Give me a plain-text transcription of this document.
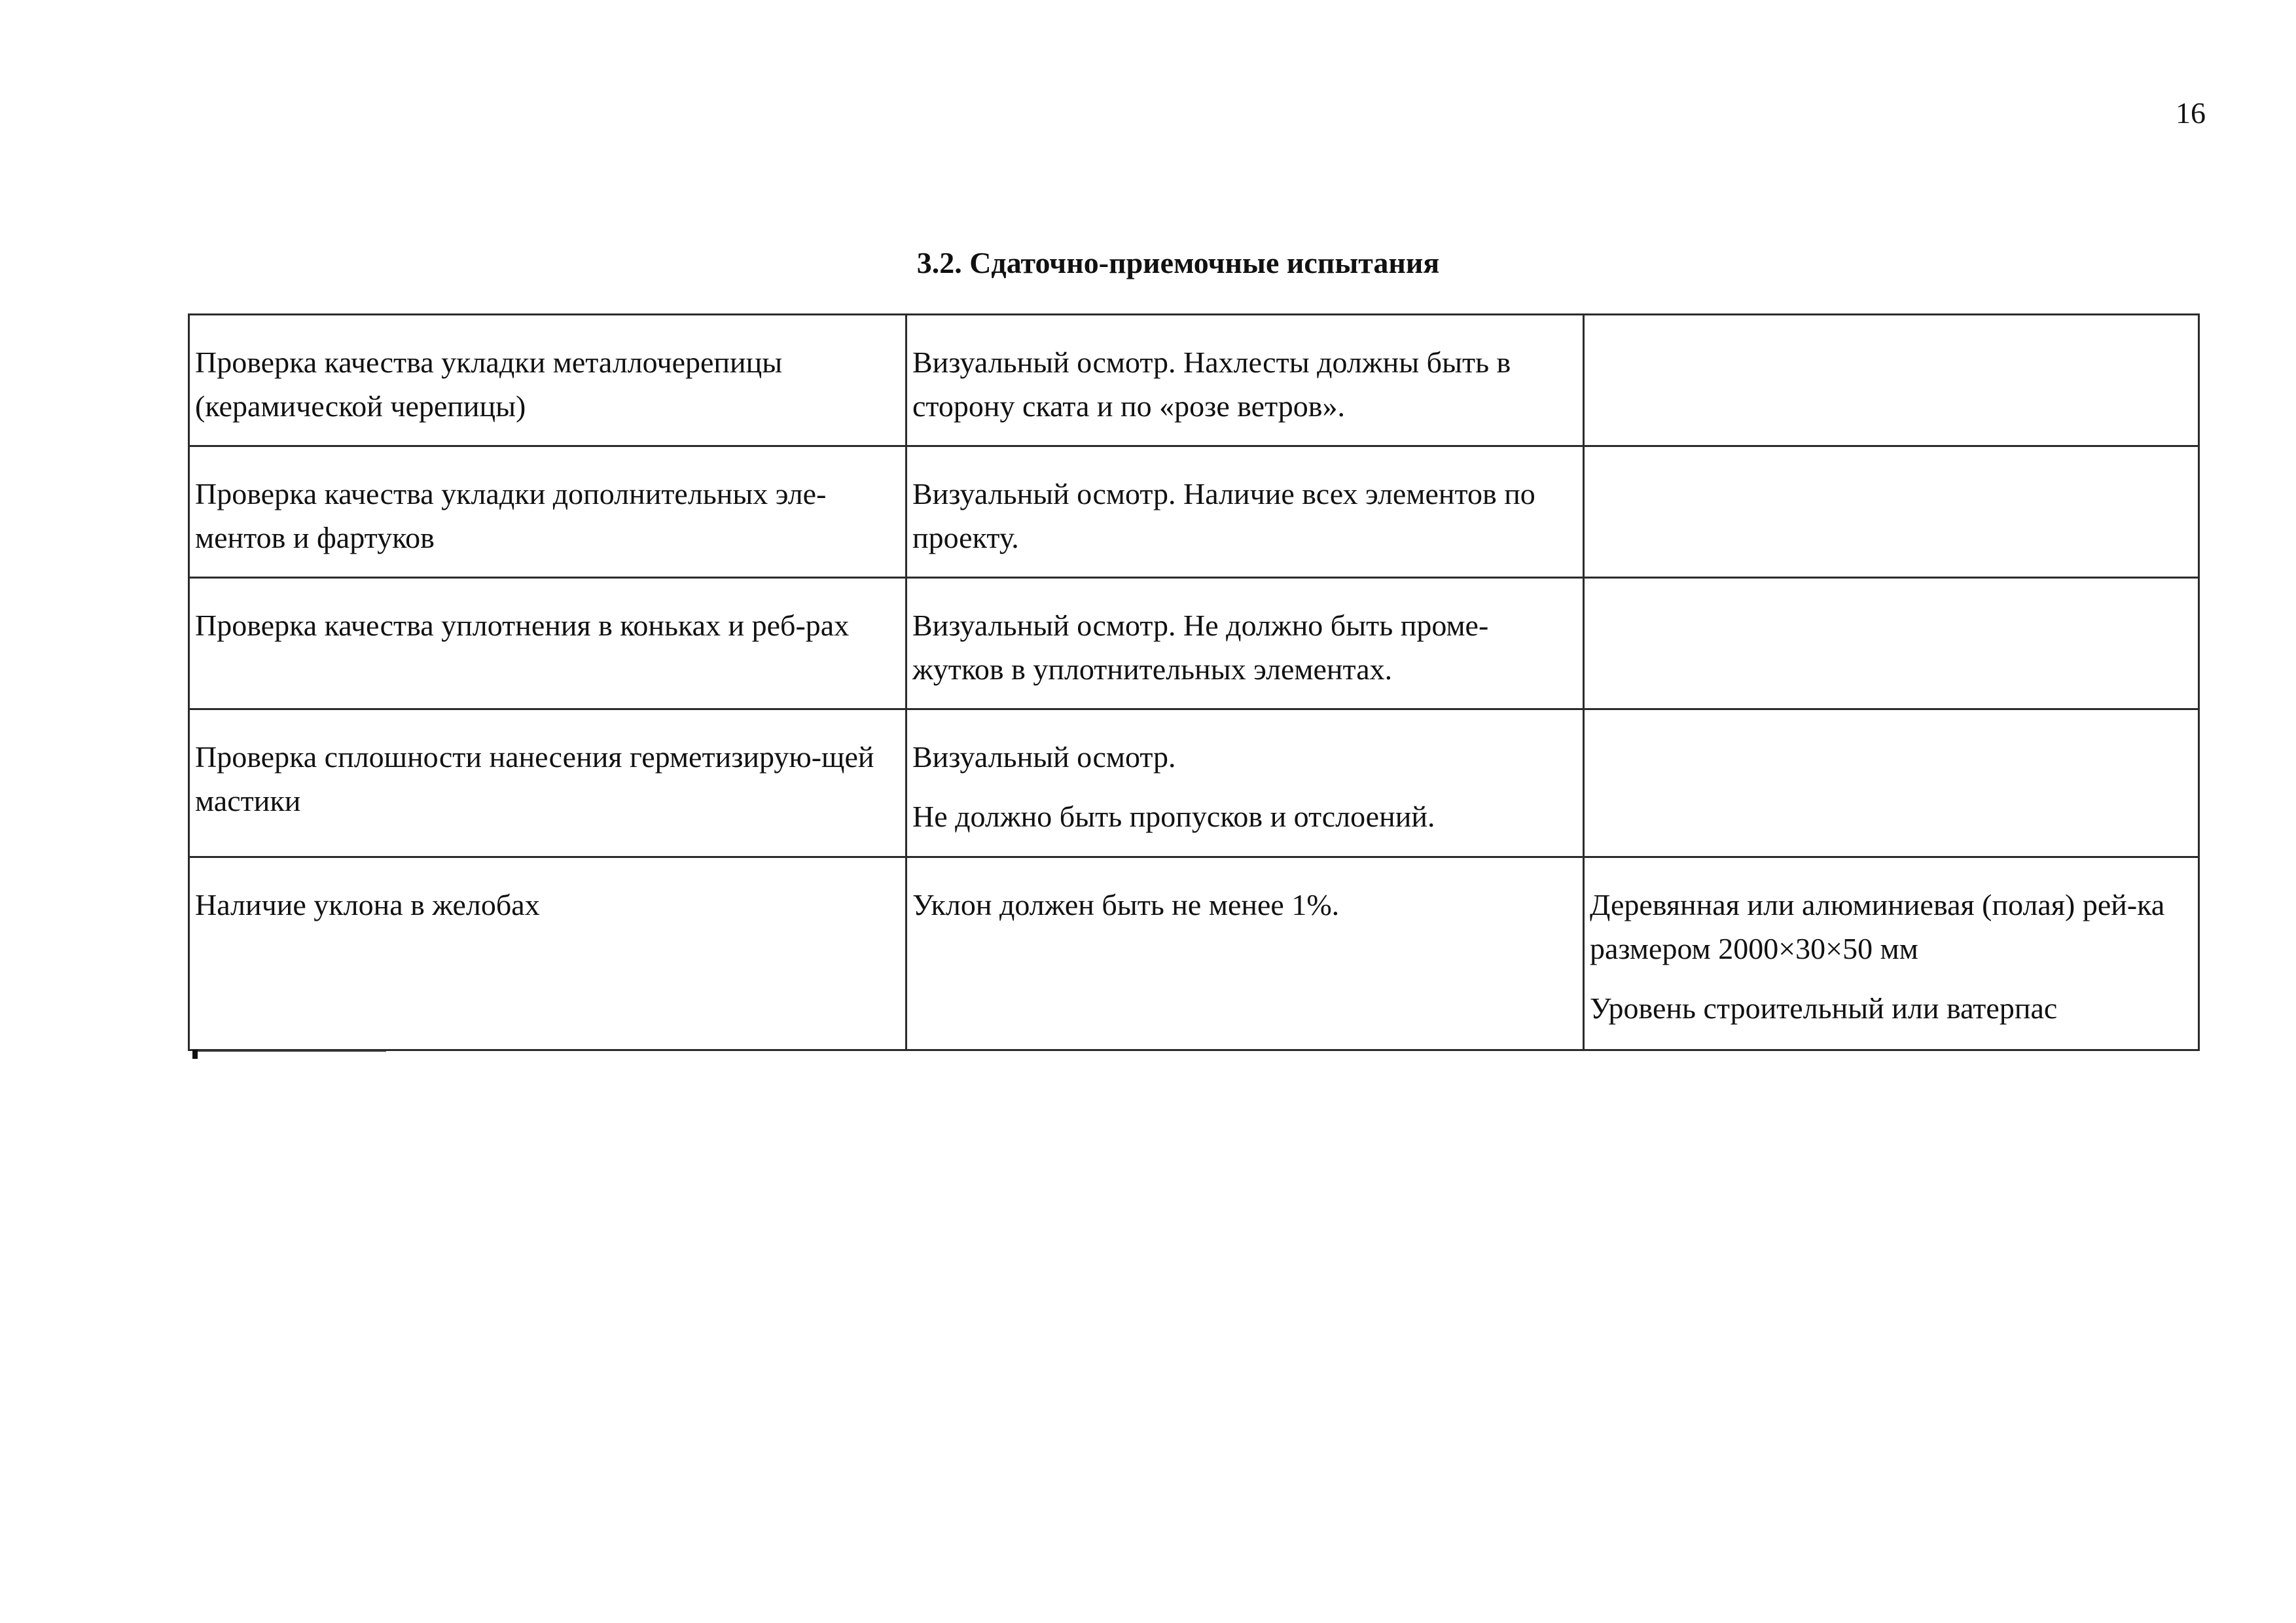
16
3.2. Сдаточно-приемочные испытания
Проверка качества укладки металлочерепицы (керамической черепицы)	Визуальный осмотр. Нахлесты должны быть в сторону ската и по «розе ветров».	

Проверка качества укладки дополнительных эле-ментов и фартуков	Визуальный осмотр. Наличие всех элементов по проекту.	

Проверка качества уплотнения в коньках и реб-рах	Визуальный осмотр. Не должно быть проме-жутков в уплотнительных элементах.	

Проверка сплошности нанесения герметизирую-щей мастики	Визуальный осмотр.
Не должно быть пропусков и отслоений.	

Наличие уклона в желобах	Уклон должен быть не менее 1%.	Деревянная или алюминиевая (полая) рей-ка размером 2000×30×50 мм
Уровень строительный или ватерпас
